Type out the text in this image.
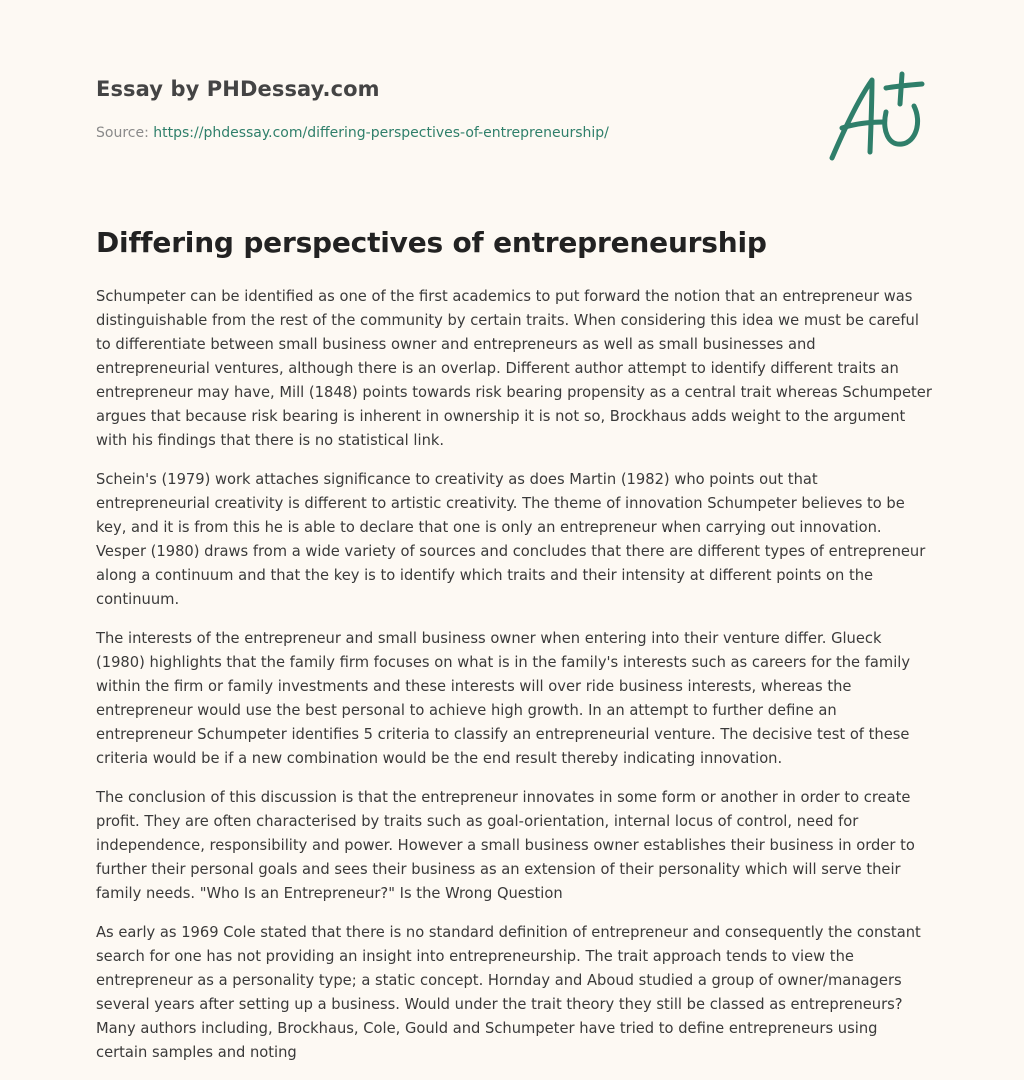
Essay by PHDessay.com
Source: https://phdessay.com/differing-perspectives-of-entrepreneurship/
Differing perspectives of entrepreneurship

Schumpeter can be identified as one of the first academics to put forward the notion that an entrepreneur was distinguishable from the rest of the community by certain traits. When considering this idea we must be careful to differentiate between small business owner and entrepreneurs as well as small businesses and entrepreneurial ventures, although there is an overlap. Different author attempt to identify different traits an entrepreneur may have, Mill (1848) points towards risk bearing propensity as a central trait whereas Schumpeter argues that because risk bearing is inherent in ownership it is not so, Brockhaus adds weight to the argument with his findings that there is no statistical link.

Schein's (1979) work attaches significance to creativity as does Martin (1982) who points out that entrepreneurial creativity is different to artistic creativity. The theme of innovation Schumpeter believes to be key, and it is from this he is able to declare that one is only an entrepreneur when carrying out innovation. Vesper (1980) draws from a wide variety of sources and concludes that there are different types of entrepreneur along a continuum and that the key is to identify which traits and their intensity at different points on the continuum.

The interests of the entrepreneur and small business owner when entering into their venture differ. Glueck (1980) highlights that the family firm focuses on what is in the family's interests such as careers for the family within the firm or family investments and these interests will over ride business interests, whereas the entrepreneur would use the best personal to achieve high growth. In an attempt to further define an entrepreneur Schumpeter identifies 5 criteria to classify an entrepreneurial venture. The decisive test of these criteria would be if a new combination would be the end result thereby indicating innovation.

The conclusion of this discussion is that the entrepreneur innovates in some form or another in order to create profit. They are often characterised by traits such as goal-orientation, internal locus of control, need for independence, responsibility and power. However a small business owner establishes their business in order to further their personal goals and sees their business as an extension of their personality which will serve their family needs. "Who Is an Entrepreneur?" Is the Wrong Question

As early as 1969 Cole stated that there is no standard definition of entrepreneur and consequently the constant search for one has not providing an insight into entrepreneurship. The trait approach tends to view the entrepreneur as a personality type; a static concept. Hornday and Aboud studied a group of owner/managers several years after setting up a business. Would under the trait theory they still be classed as entrepreneurs? Many authors including, Brockhaus, Cole, Gould and Schumpeter have tried to define entrepreneurs using certain samples and noting
